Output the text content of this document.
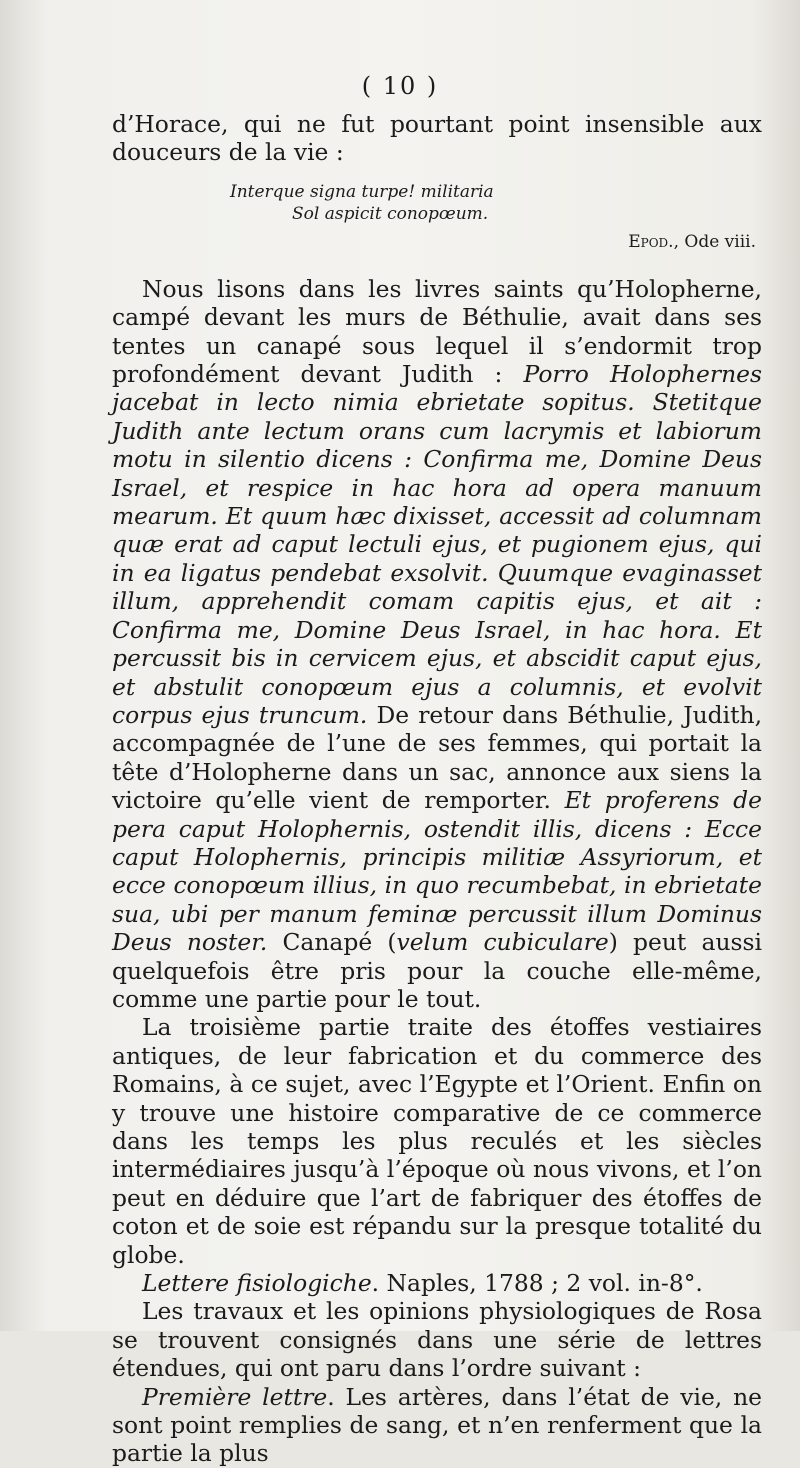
( 10 )

d’Horace, qui ne fut pourtant point insensible aux douceurs de la vie :

Interque signa turpe! militaria
Sol aspicit conopœum.
Epod., Ode viii.

Nous lisons dans les livres saints qu’Holopherne, campé devant les murs de Béthulie, avait dans ses tentes un canapé sous lequel il s’endormit trop profondément devant Judith : Porro Holophernes jacebat in lecto nimia ebrietate sopitus. Stetitque Judith ante lectum orans cum lacrymis et labiorum motu in silentio dicens : Confirma me, Domine Deus Israel, et respice in hac hora ad opera manuum mearum. Et quum hæc dixisset, accessit ad columnam quæ erat ad caput lectuli ejus, et pugionem ejus, qui in ea ligatus pendebat exsolvit. Quumque evaginasset illum, apprehendit comam capitis ejus, et ait : Confirma me, Domine Deus Israel, in hac hora. Et percussit bis in cervicem ejus, et abscidit caput ejus, et abstulit conopœum ejus a columnis, et evolvit corpus ejus truncum. De retour dans Béthulie, Judith, accompagnée de l’une de ses femmes, qui portait la tête d’Holopherne dans un sac, annonce aux siens la victoire qu’elle vient de remporter. Et proferens de pera caput Holophernis, ostendit illis, dicens : Ecce caput Holophernis, principis militiæ Assyriorum, et ecce conopœum illius, in quo recumbebat, in ebrietate sua, ubi per manum feminæ percussit illum Dominus Deus noster. Canapé (velum cubiculare) peut aussi quelquefois être pris pour la couche elle-même, comme une partie pour le tout.

La troisième partie traite des étoffes vestiaires antiques, de leur fabrication et du commerce des Romains, à ce sujet, avec l’Egypte et l’Orient. Enfin on y trouve une histoire comparative de ce commerce dans les temps les plus reculés et les siècles intermédiaires jusqu’à l’époque où nous vivons, et l’on peut en déduire que l’art de fabriquer des étoffes de coton et de soie est répandu sur la presque totalité du globe.

Lettere fisiologiche. Naples, 1788 ; 2 vol. in-8°.

Les travaux et les opinions physiologiques de Rosa se trouvent consignés dans une série de lettres étendues, qui ont paru dans l’ordre suivant :

Première lettre. Les artères, dans l’état de vie, ne sont point remplies de sang, et n’en renferment que la partie la plus
